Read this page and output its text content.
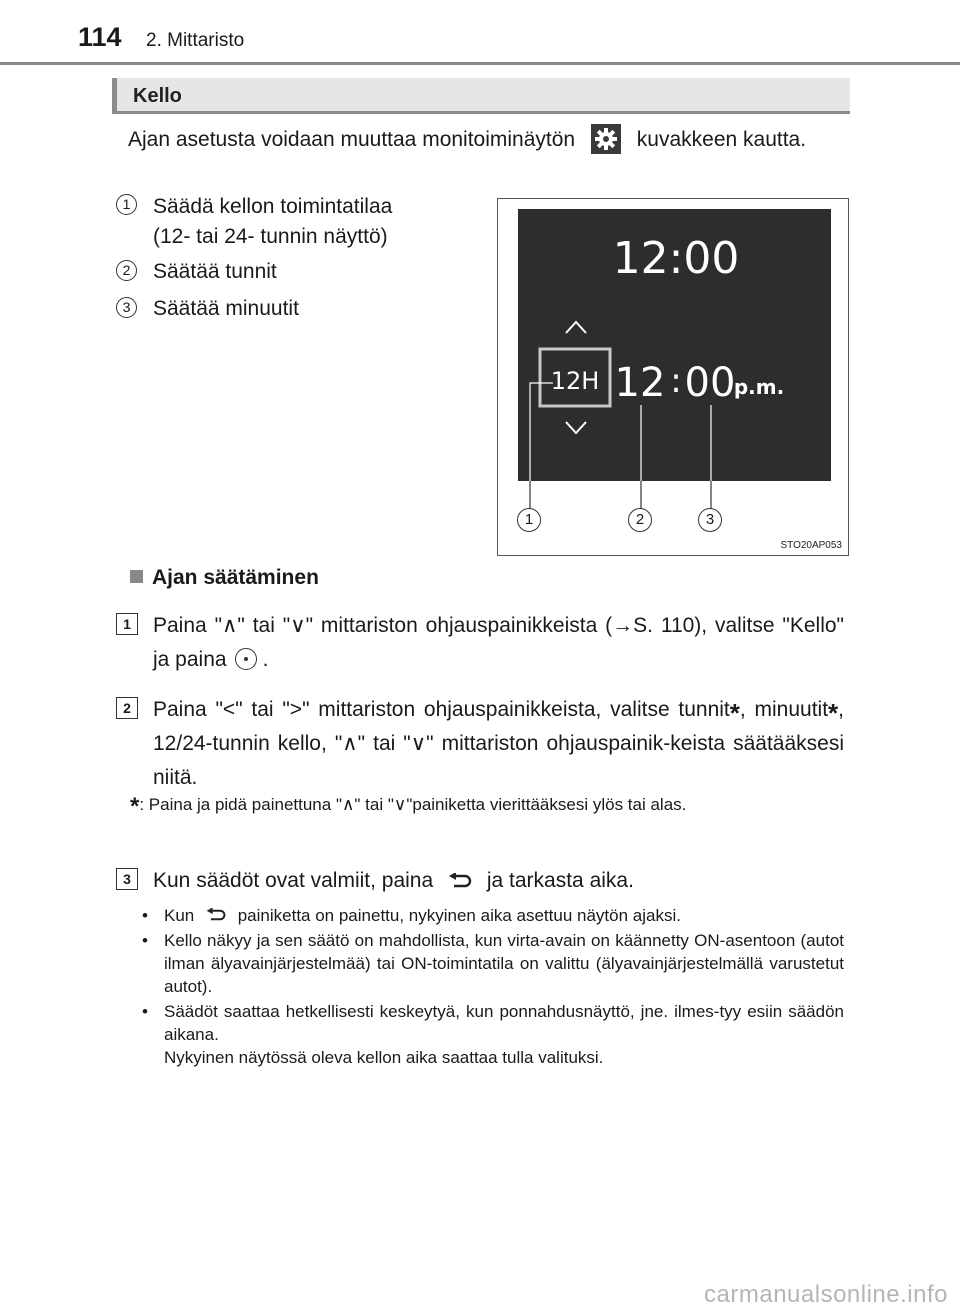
114 2. Mittaristo
Kello
Ajan asetusta voidaan muuttaa monitoiminäytön	kuvakkeen kautta.
1	Säädä kellon toimintatilaa
(12- tai 24- tunnin näyttö)
2	Säätää tunnit
3	Säätää minuutit
12:00
12H 12 : 00
p.m.
1	2	3
STO20AP053
Ajan säätäminen
1	Paina "∧" tai "∨" mittariston ohjauspainikkeista (→S. 110), valitse "Kello" ja paina .
2	Paina "<" tai ">" mittariston ohjauspainikkeista, valitse tunnit*, minuutit*, 12/24-tunnin kello, "∧" tai "∨" mittariston ohjauspainik-keista säätääksesi niitä.
*: Paina ja pidä painettuna "∧" tai "∨"painiketta vierittääksesi ylös tai alas.
3	Kun säädöt ovat valmiit, paina	ja tarkasta aika.
• Kun	painiketta on painettu, nykyinen aika asettuu näytön ajaksi.
• Kello näkyy ja sen säätö on mahdollista, kun virta-avain on käännetty ON-asentoon (autot ilman älyavainjärjestelmää) tai ON-toimintatila on valittu (älyavainjärjestelmällä varustetut autot).
• Säädöt saattaa hetkellisesti keskeytyä, kun ponnahdusnäyttö, jne. ilmes-tyy esiin säädön aikana.
Nykyinen näytössä oleva kellon aika saattaa tulla valituksi.
carmanualsonline.info
